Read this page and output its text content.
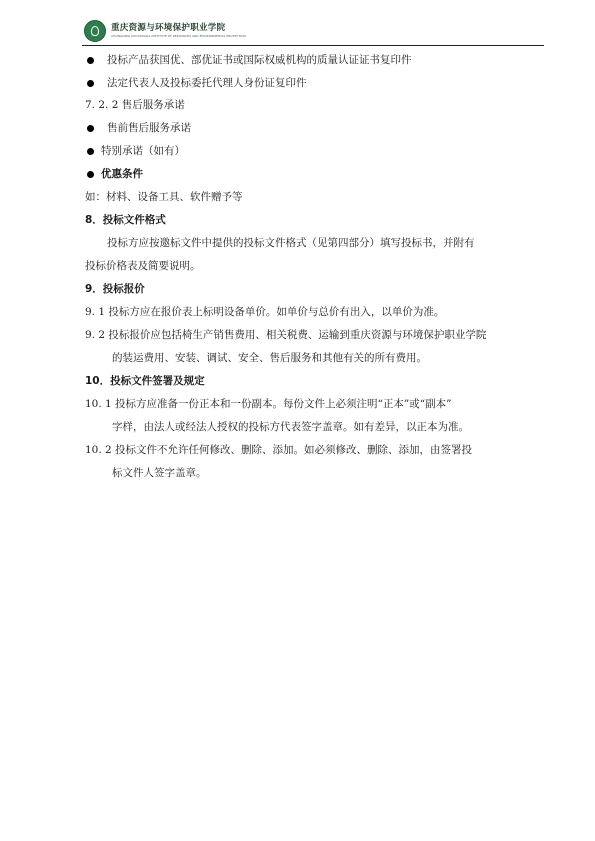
重庆资源与环境保护职业学院
CHONGQING VOCATIONAL INSTITUTE OF RESOURCES AND ENVIRONMENTAL PROTECTION
投标产品获国优、部优证书或国际权威机构的质量认证证书复印件
法定代表人及投标委托代理人身份证复印件
7. 2. 2 售后服务承诺
售前售后服务承诺
特别承诺（如有）
优惠条件
如：材料、设备工具、软件赠予等
8．投标文件格式
投标方应按邀标文件中提供的投标文件格式（见第四部分）填写投标书，并附有
投标价格表及简要说明。
9．投标报价
9. 1 投标方应在报价表上标明设备单价。如单价与总价有出入，以单价为准。
9. 2 投标报价应包括椅生产销售费用、相关税费、运输到重庆资源与环境保护职业学院
的装运费用、安装、调试、安全、售后服务和其他有关的所有费用。
10．投标文件签署及规定
10. 1 投标方应准备一份正本和一份副本。每份文件上必须注明“正本”或“副本”
字样，由法人或经法人授权的投标方代表签字盖章。如有差异，以正本为准。
10. 2 投标文件不允许任何修改、删除、添加。如必须修改、删除、添加，由签署投
标文件人签字盖章。
